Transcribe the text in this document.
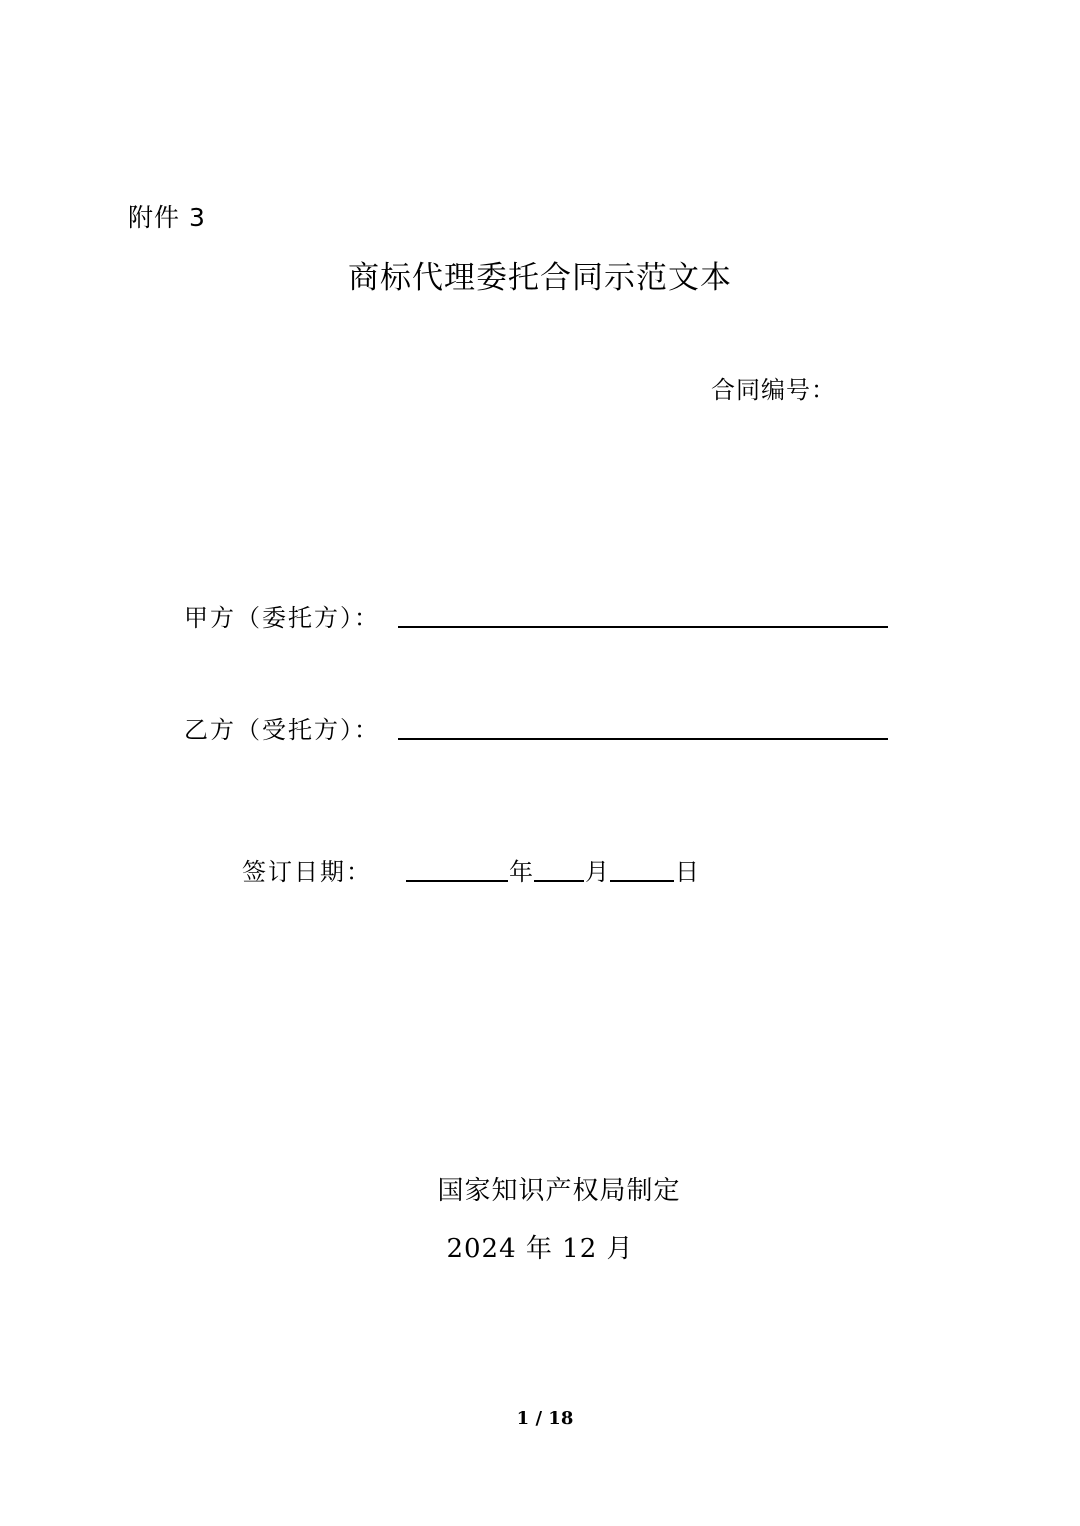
附件 3
商标代理委托合同示范文本
合同编号：
甲方（委托方）：
乙方（受托方）：
签订日期：	年 月	日
国家知识产权局制定
2024 年 12 月
1 / 18
